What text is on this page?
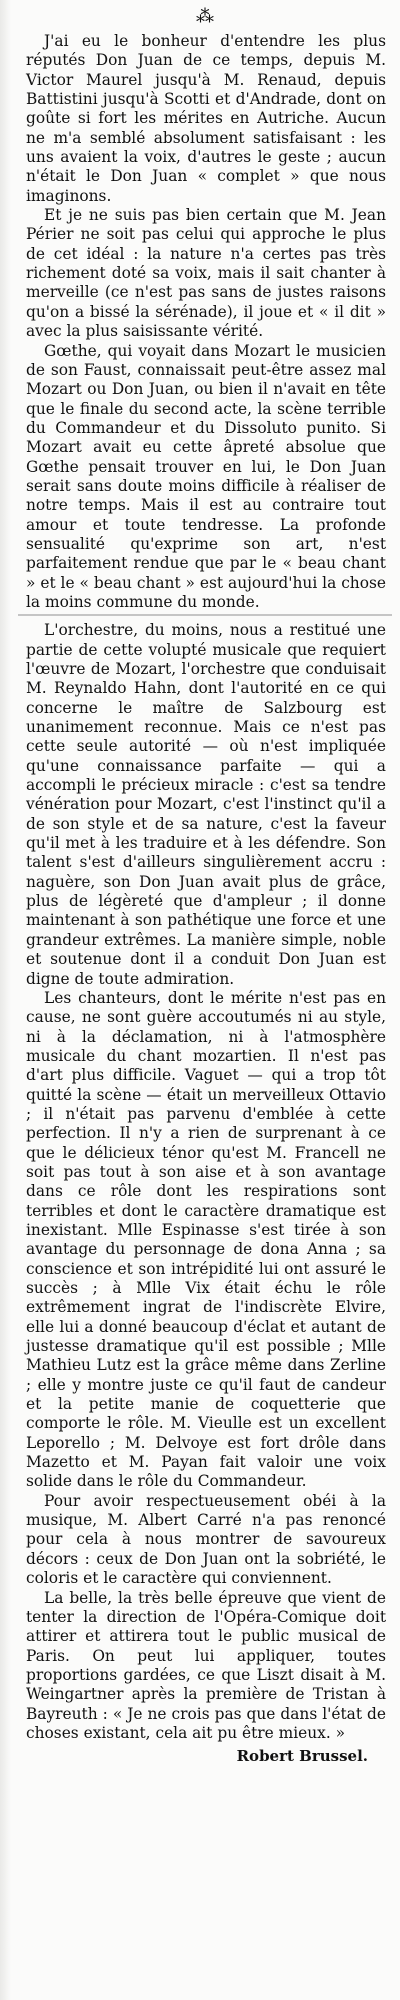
⁂

J'ai eu le bonheur d'entendre les plus réputés Don Juan de ce temps, depuis M. Victor Maurel jusqu'à M. Renaud, depuis Battistini jusqu'à Scotti et d'Andrade, dont on goûte si fort les mérites en Autriche. Aucun ne m'a semblé absolument satisfaisant : les uns avaient la voix, d'autres le geste ; aucun n'était le Don Juan « complet » que nous imaginons.

Et je ne suis pas bien certain que M. Jean Périer ne soit pas celui qui approche le plus de cet idéal : la nature n'a certes pas très richement doté sa voix, mais il sait chanter à merveille (ce n'est pas sans de justes raisons qu'on a bissé la sérénade), il joue et « il dit » avec la plus saisissante vérité.

Gœthe, qui voyait dans Mozart le musicien de son Faust, connaissait peut-être assez mal Mozart ou Don Juan, ou bien il n'avait en tête que le finale du second acte, la scène terrible du Commandeur et du Dissoluto punito. Si Mozart avait eu cette âpreté absolue que Gœthe pensait trouver en lui, le Don Juan serait sans doute moins difficile à réaliser de notre temps. Mais il est au contraire tout amour et toute tendresse. La profonde sensualité qu'exprime son art, n'est parfaitement rendue que par le « beau chant » et le « beau chant » est aujourd'hui la chose la moins commune du monde.

L'orchestre, du moins, nous a restitué une partie de cette volupté musicale que requiert l'œuvre de Mozart, l'orchestre que conduisait M. Reynaldo Hahn, dont l'autorité en ce qui concerne le maître de Salzbourg est unanimement reconnue. Mais ce n'est pas cette seule autorité — où n'est impliquée qu'une connaissance parfaite — qui a accompli le précieux miracle : c'est sa tendre vénération pour Mozart, c'est l'instinct qu'il a de son style et de sa nature, c'est la faveur qu'il met à les traduire et à les défendre. Son talent s'est d'ailleurs singulièrement accru : naguère, son Don Juan avait plus de grâce, plus de légèreté que d'ampleur ; il donne maintenant à son pathétique une force et une grandeur extrêmes. La manière simple, noble et soutenue dont il a conduit Don Juan est digne de toute admiration.

Les chanteurs, dont le mérite n'est pas en cause, ne sont guère accoutumés ni au style, ni à la déclamation, ni à l'atmosphère musicale du chant mozartien. Il n'est pas d'art plus difficile. Vaguet — qui a trop tôt quitté la scène — était un merveilleux Ottavio ; il n'était pas parvenu d'emblée à cette perfection. Il n'y a rien de surprenant à ce que le délicieux ténor qu'est M. Francell ne soit pas tout à son aise et à son avantage dans ce rôle dont les respirations sont terribles et dont le caractère dramatique est inexistant. Mlle Espinasse s'est tirée à son avantage du personnage de dona Anna ; sa conscience et son intrépidité lui ont assuré le succès ; à Mlle Vix était échu le rôle extrêmement ingrat de l'indiscrète Elvire, elle lui a donné beaucoup d'éclat et autant de justesse dramatique qu'il est possible ; Mlle Mathieu Lutz est la grâce même dans Zerline ; elle y montre juste ce qu'il faut de candeur et la petite manie de coquetterie que comporte le rôle. M. Vieulle est un excellent Leporello ; M. Delvoye est fort drôle dans Mazetto et M. Payan fait valoir une voix solide dans le rôle du Commandeur.

Pour avoir respectueusement obéi à la musique, M. Albert Carré n'a pas renoncé pour cela à nous montrer de savoureux décors : ceux de Don Juan ont la sobriété, le coloris et le caractère qui conviennent.

La belle, la très belle épreuve que vient de tenter la direction de l'Opéra-Comique doit attirer et attirera tout le public musical de Paris. On peut lui appliquer, toutes proportions gardées, ce que Liszt disait à M. Weingartner après la première de Tristan à Bayreuth : « Je ne crois pas que dans l'état de choses existant, cela ait pu être mieux. »

Robert Brussel.
